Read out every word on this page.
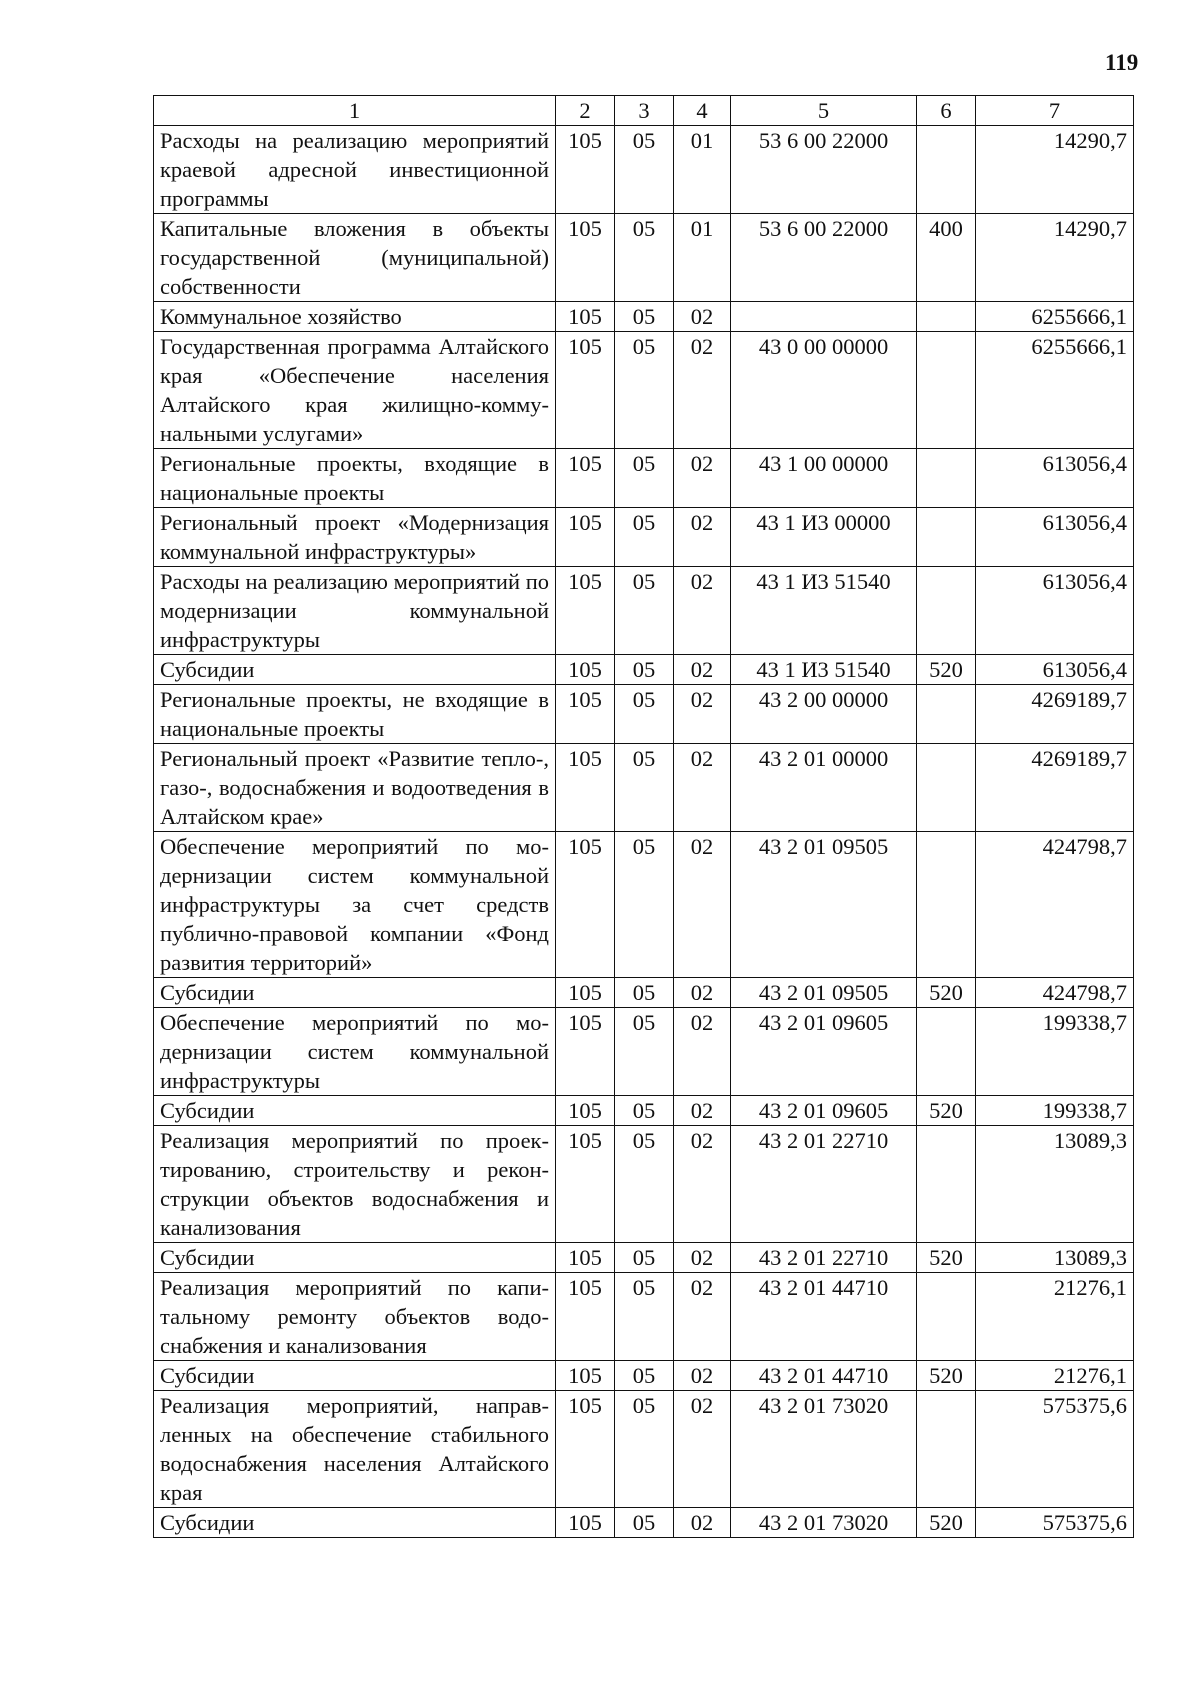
119
1	2	3	4	5	6	7
Расходы на реализацию мероприятий краевой адресной инвестиционной программы	105	05	01	53 6 00 22000		14290,7
Капитальные вложения в объекты государственной (муниципальной) собственности	105	05	01	53 6 00 22000	400	14290,7
Коммунальное хозяйство	105	05	02			6255666,1
Государственная программа Алтайского края «Обеспечение населения Алтайского края жилищно-коммунальными услугами»	105	05	02	43 0 00 00000		6255666,1
Региональные проекты, входящие в национальные проекты	105	05	02	43 1 00 00000		613056,4
Региональный проект «Модернизация коммунальной инфраструктуры»	105	05	02	43 1 И3 00000		613056,4
Расходы на реализацию мероприятий по модернизации коммунальной инфраструктуры	105	05	02	43 1 И3 51540		613056,4
Субсидии	105	05	02	43 1 И3 51540	520	613056,4
Региональные проекты, не входящие в национальные проекты	105	05	02	43 2 00 00000		4269189,7
Региональный проект «Развитие тепло-, газо-, водоснабжения и водоотведения в Алтайском крае»	105	05	02	43 2 01 00000		4269189,7
Обеспечение мероприятий по модернизации систем коммунальной инфраструктуры за счет средств публично-правовой компании «Фонд развития территорий»	105	05	02	43 2 01 09505		424798,7
Субсидии	105	05	02	43 2 01 09505	520	424798,7
Обеспечение мероприятий по модернизации систем коммунальной инфраструктуры	105	05	02	43 2 01 09605		199338,7
Субсидии	105	05	02	43 2 01 09605	520	199338,7
Реализация мероприятий по проектированию, строительству и реконструкции объектов водоснабжения и канализования	105	05	02	43 2 01 22710		13089,3
Субсидии	105	05	02	43 2 01 22710	520	13089,3
Реализация мероприятий по капитальному ремонту объектов водоснабжения и канализования	105	05	02	43 2 01 44710		21276,1
Субсидии	105	05	02	43 2 01 44710	520	21276,1
Реализация мероприятий, направленных на обеспечение стабильного водоснабжения населения Алтайского края	105	05	02	43 2 01 73020		575375,6
Субсидии	105	05	02	43 2 01 73020	520	575375,6
